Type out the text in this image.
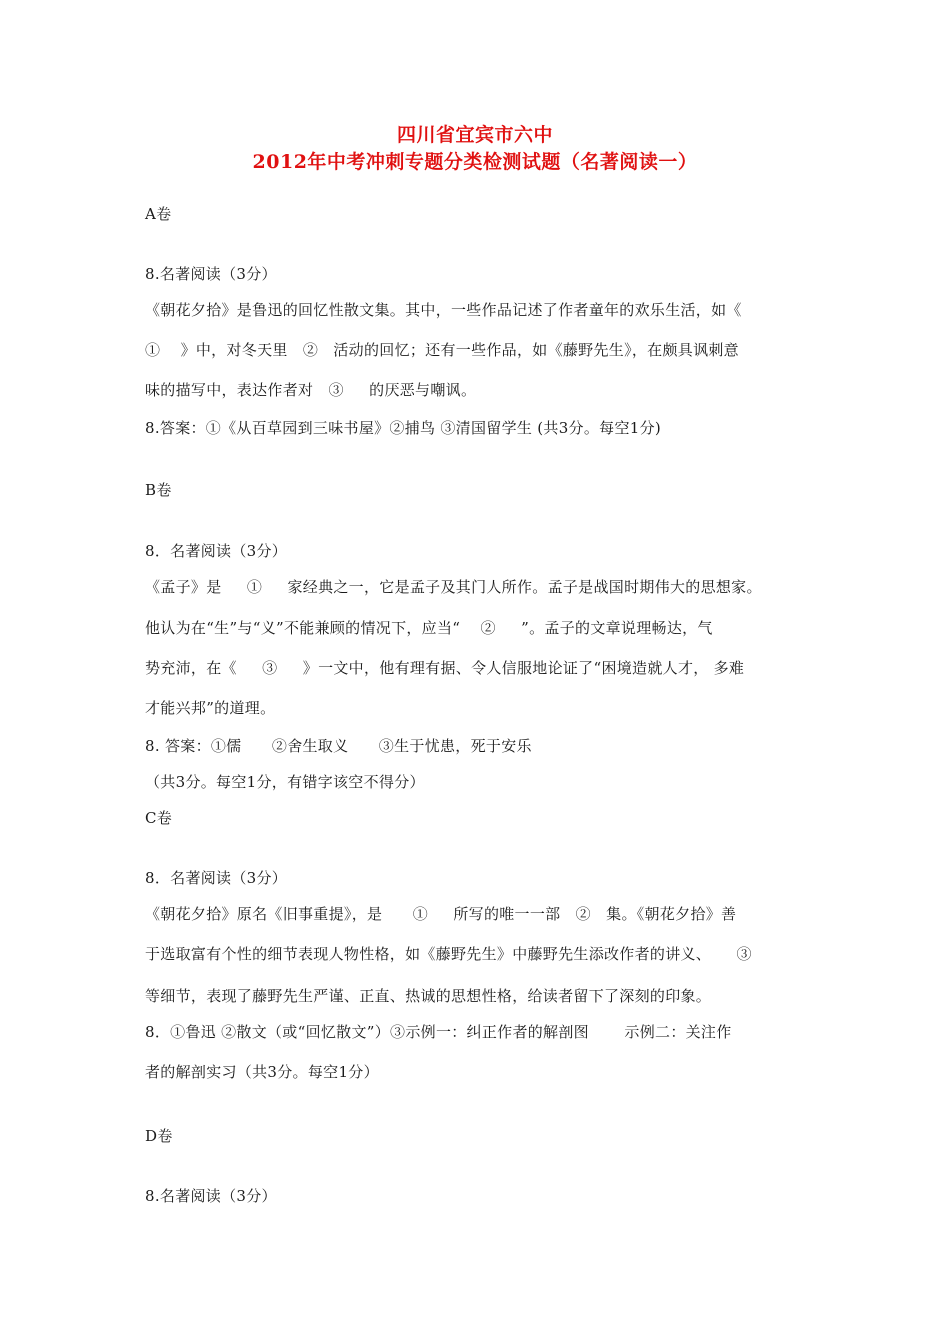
四川省宜宾市六中
2012年中考冲刺专题分类检测试题（名著阅读一）
A卷
8.名著阅读（3分）
《朝花夕拾》是鲁迅的回忆性散文集。其中，一些作品记述了作者童年的欢乐生活，如《
①    》中，对冬天里   ②   活动的回忆；还有一些作品，如《藤野先生》，在颇具讽刺意
味的描写中，表达作者对   ③     的厌恶与嘲讽。
8.答案：①《从百草园到三味书屋》②捕鸟 ③清国留学生 (共3分。每空1分)
B卷
8．名著阅读（3分）
《孟子》是     ①     家经典之一，它是孟子及其门人所作。孟子是战国时期伟大的思想家。
他认为在“生”与“义”不能兼顾的情况下，应当“    ②     ”。孟子的文章说理畅达，气
势充沛，在《     ③     》一文中，他有理有据、令人信服地论证了“困境造就人才， 多难
才能兴邦”的道理。
8. 答案：①儒      ②舍生取义      ③生于忧患，死于安乐
（共3分。每空1分，有错字该空不得分）
C卷
8．名著阅读（3分）
《朝花夕拾》原名《旧事重提》，是      ①     所写的唯一一部   ②   集。《朝花夕拾》善
于选取富有个性的细节表现人物性格，如《藤野先生》中藤野先生添改作者的讲义、     ③
等细节，表现了藤野先生严谨、正直、热诚的思想性格，给读者留下了深刻的印象。
8．①鲁迅 ②散文（或“回忆散文”）③示例一：纠正作者的解剖图       示例二：关注作
者的解剖实习（共3分。每空1分）
D卷
8.名著阅读（3分）
